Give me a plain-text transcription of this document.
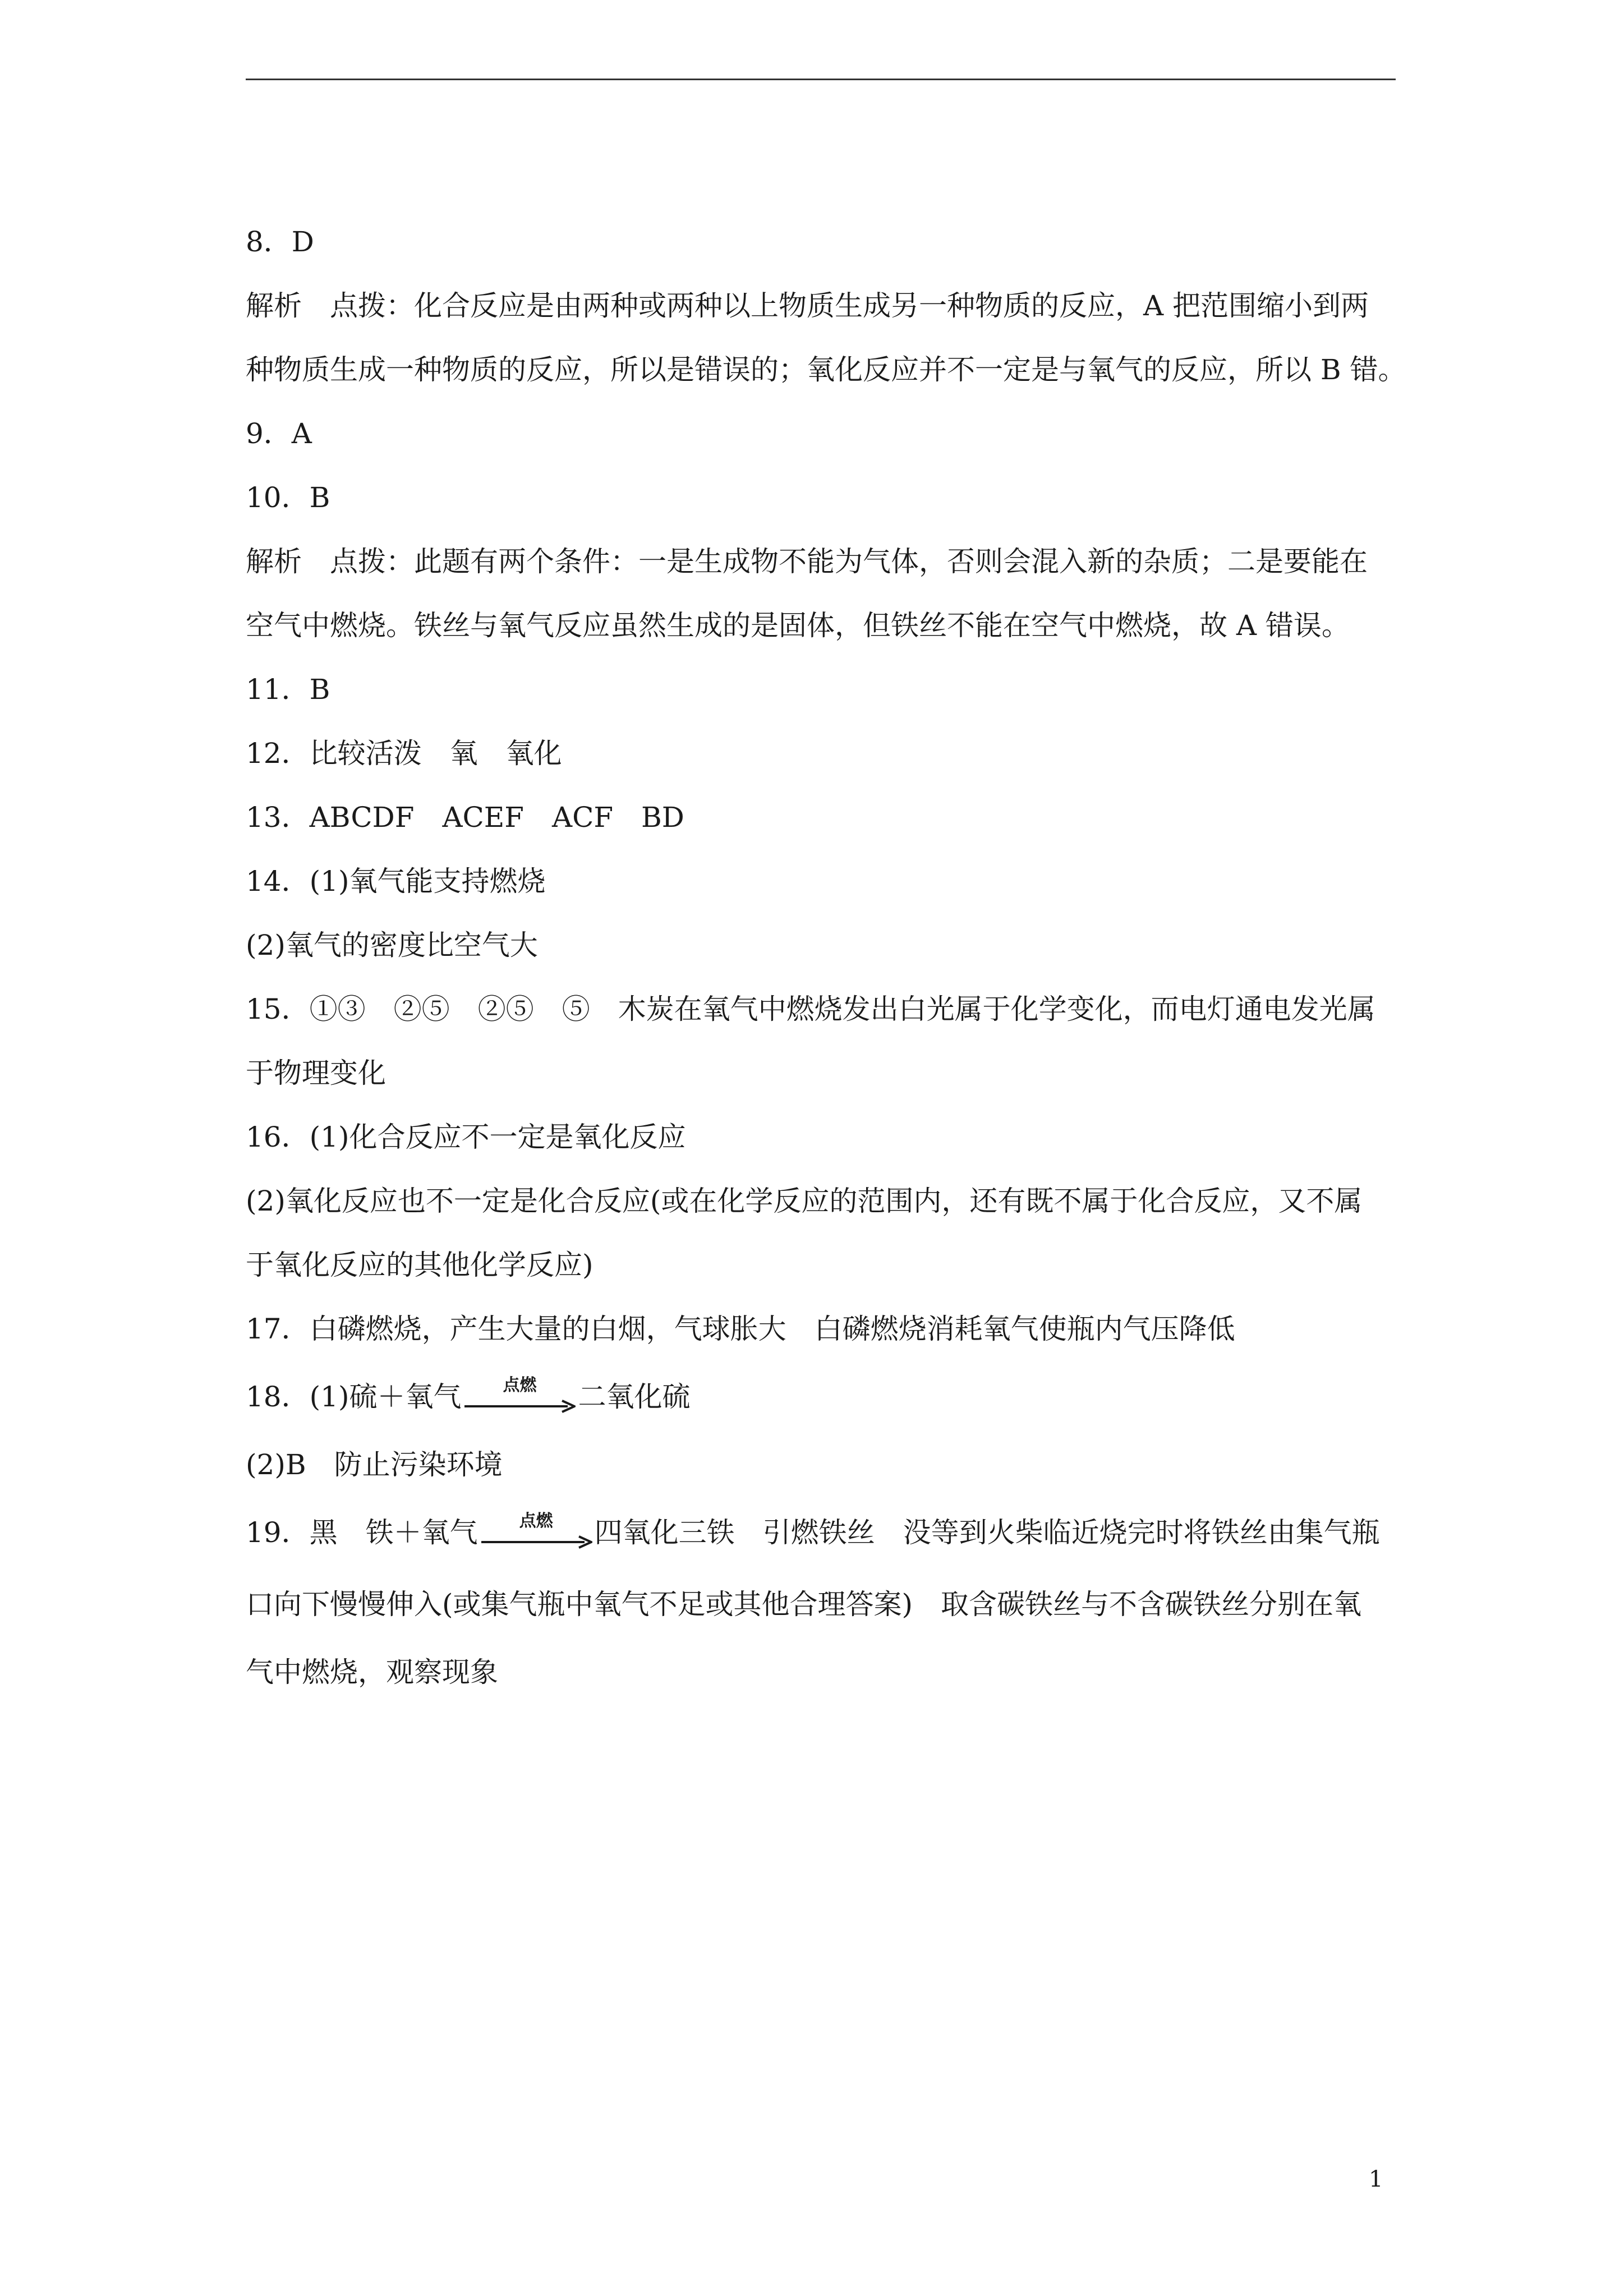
8．D
解析　点拨：化合反应是由两种或两种以上物质生成另一种物质的反应，A 把范围缩小到两
种物质生成一种物质的反应，所以是错误的；氧化反应并不一定是与氧气的反应，所以 B 错。
9．A
10．B
解析　点拨：此题有两个条件：一是生成物不能为气体，否则会混入新的杂质；二是要能在
空气中燃烧。铁丝与氧气反应虽然生成的是固体，但铁丝不能在空气中燃烧，故 A 错误。
11．B
12．比较活泼　氧　氧化
13．ABCDF　ACEF　ACF　BD
14．(1)氧气能支持燃烧
(2)氧气的密度比空气大
15．①③　②⑤　②⑤　⑤　木炭在氧气中燃烧发出白光属于化学变化，而电灯通电发光属
于物理变化
16．(1)化合反应不一定是氧化反应
(2)氧化反应也不一定是化合反应(或在化学反应的范围内，还有既不属于化合反应，又不属
于氧化反应的其他化学反应)
17．白磷燃烧，产生大量的白烟，气球胀大　白磷燃烧消耗氧气使瓶内气压降低
18．(1)硫＋氧气	点燃	二氧化硫
(2)B　防止污染环境
19．黑　铁＋氧气	点燃	四氧化三铁　引燃铁丝　没等到火柴临近烧完时将铁丝由集气瓶
口向下慢慢伸入(或集气瓶中氧气不足或其他合理答案)　取含碳铁丝与不含碳铁丝分别在氧
气中燃烧，观察现象
1
